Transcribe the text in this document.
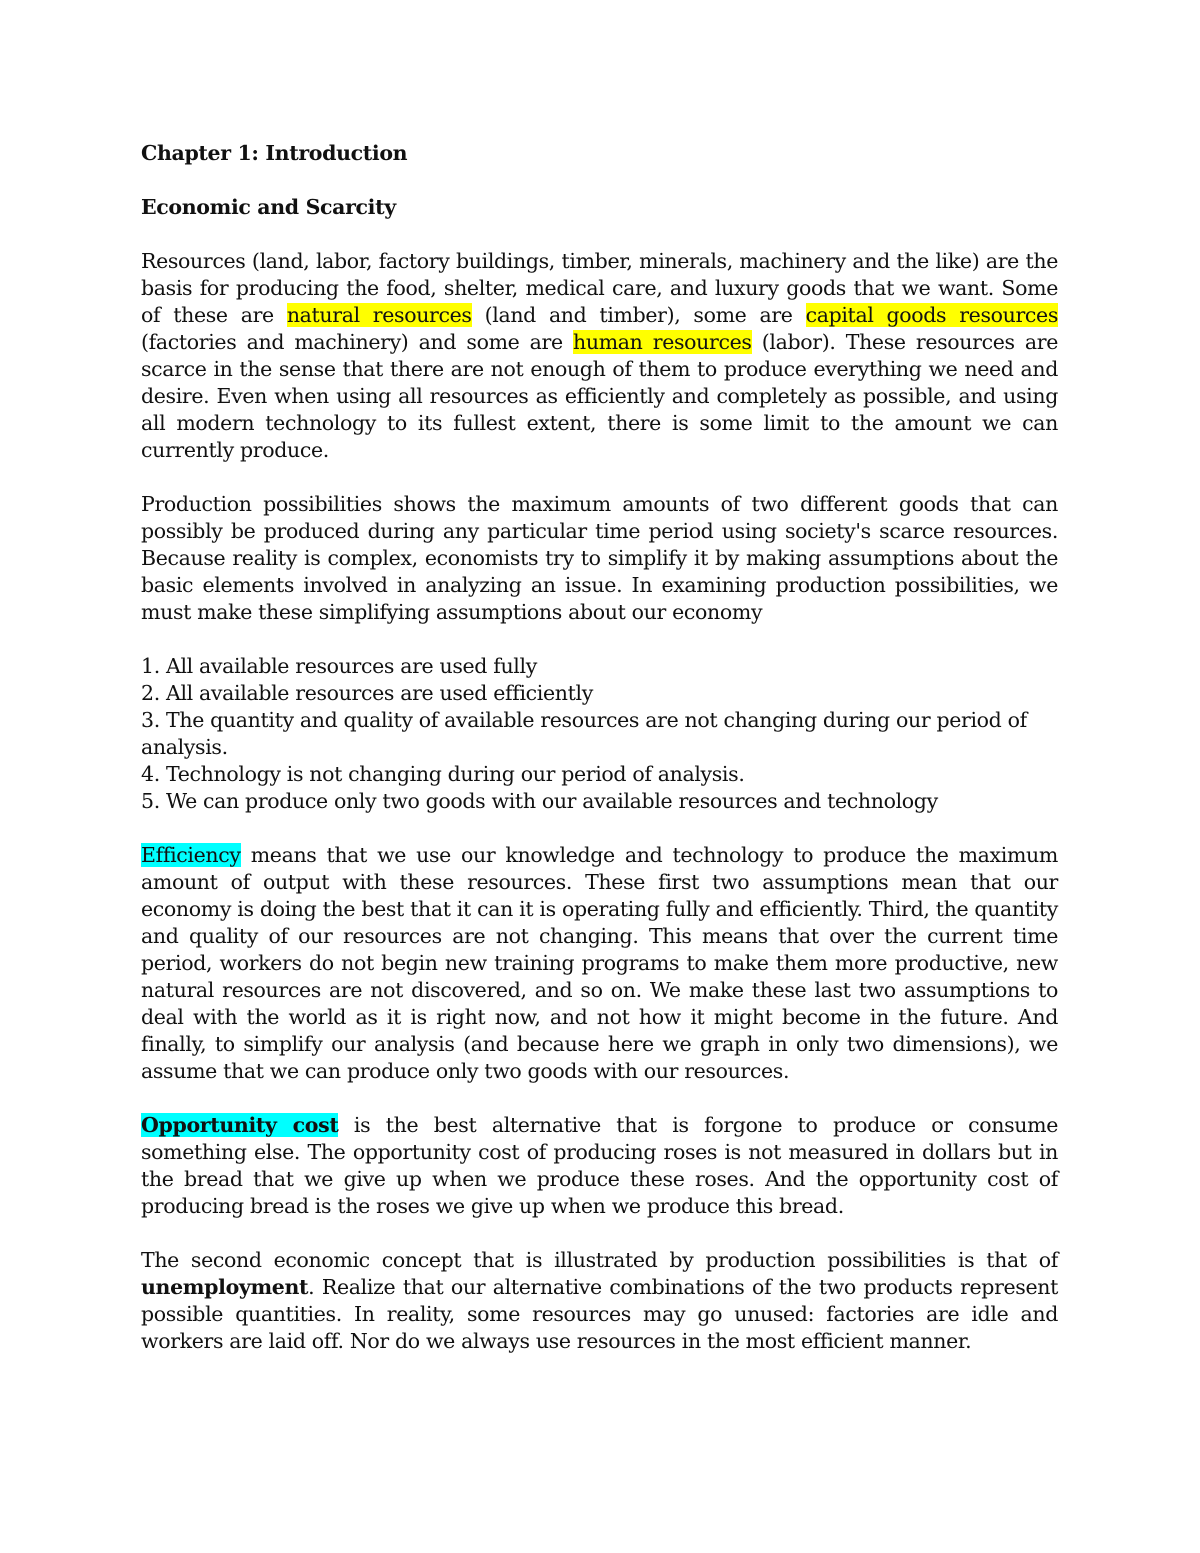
Chapter 1: Introduction

Economic and Scarcity

Resources (land, labor, factory buildings, timber, minerals, machinery and the like) are the basis for producing the food, shelter, medical care, and luxury goods that we want. Some of these are natural resources (land and timber), some are capital goods resources (factories and machinery) and some are human resources (labor). These resources are scarce in the sense that there are not enough of them to produce everything we need and desire. Even when using all resources as efficiently and completely as possible, and using all modern technology to its fullest extent, there is some limit to the amount we can currently produce.

Production possibilities shows the maximum amounts of two different goods that can possibly be produced during any particular time period using society's scarce resources. Because reality is complex, economists try to simplify it by making assumptions about the basic elements involved in analyzing an issue. In examining production possibilities, we must make these simplifying assumptions about our economy

1. All available resources are used fully
2. All available resources are used efficiently
3. The quantity and quality of available resources are not changing during our period of analysis.
4. Technology is not changing during our period of analysis.
5. We can produce only two goods with our available resources and technology

Efficiency means that we use our knowledge and technology to produce the maximum amount of output with these resources. These first two assumptions mean that our economy is doing the best that it can it is operating fully and efficiently. Third, the quantity and quality of our resources are not changing. This means that over the current time period, workers do not begin new training programs to make them more productive, new natural resources are not discovered, and so on. We make these last two assumptions to deal with the world as it is right now, and not how it might become in the future. And finally, to simplify our analysis (and because here we graph in only two dimensions), we assume that we can produce only two goods with our resources.

Opportunity cost is the best alternative that is forgone to produce or consume something else. The opportunity cost of producing roses is not measured in dollars but in the bread that we give up when we produce these roses. And the opportunity cost of producing bread is the roses we give up when we produce this bread.

The second economic concept that is illustrated by production possibilities is that of unemployment. Realize that our alternative combinations of the two products represent possible quantities. In reality, some resources may go unused: factories are idle and workers are laid off. Nor do we always use resources in the most efficient manner.
